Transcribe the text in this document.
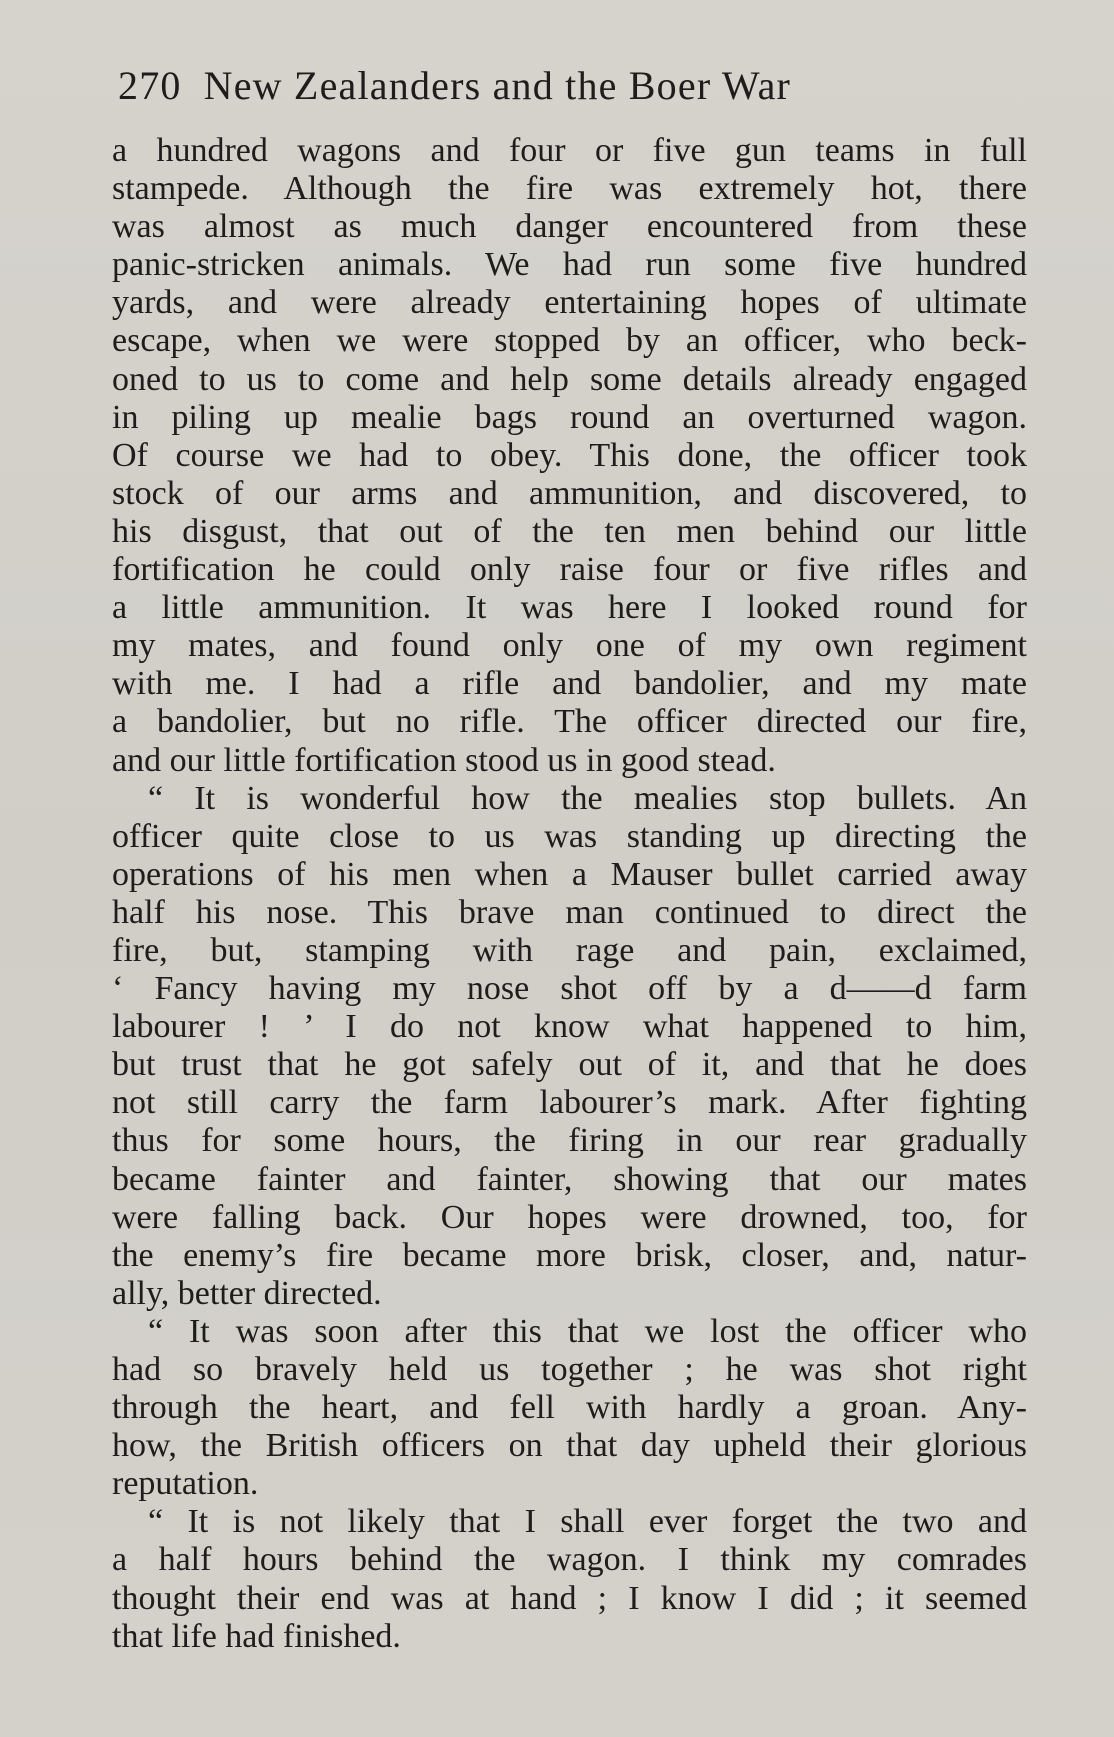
270 New Zealanders and the Boer War
a hundred wagons and four or five gun teams in full
stampede. Although the fire was extremely hot, there
was almost as much danger encountered from these
panic-stricken animals. We had run some five hundred
yards, and were already entertaining hopes of ultimate
escape, when we were stopped by an officer, who beck-
oned to us to come and help some details already engaged
in piling up mealie bags round an overturned wagon.
Of course we had to obey. This done, the officer took
stock of our arms and ammunition, and discovered, to
his disgust, that out of the ten men behind our little
fortification he could only raise four or five rifles and
a little ammunition. It was here I looked round for
my mates, and found only one of my own regiment
with me. I had a rifle and bandolier, and my mate
a bandolier, but no rifle. The officer directed our fire,
and our little fortification stood us in good stead.
“ It is wonderful how the mealies stop bullets. An
officer quite close to us was standing up directing the
operations of his men when a Mauser bullet carried away
half his nose. This brave man continued to direct the
fire, but, stamping with rage and pain, exclaimed,
‘ Fancy having my nose shot off by a d——d farm
labourer ! ’ I do not know what happened to him,
but trust that he got safely out of it, and that he does
not still carry the farm labourer’s mark. After fighting
thus for some hours, the firing in our rear gradually
became fainter and fainter, showing that our mates
were falling back. Our hopes were drowned, too, for
the enemy’s fire became more brisk, closer, and, natur-
ally, better directed.
“ It was soon after this that we lost the officer who
had so bravely held us together ; he was shot right
through the heart, and fell with hardly a groan. Any-
how, the British officers on that day upheld their glorious
reputation.
“ It is not likely that I shall ever forget the two and
a half hours behind the wagon. I think my comrades
thought their end was at hand ; I know I did ; it seemed
that life had finished.
